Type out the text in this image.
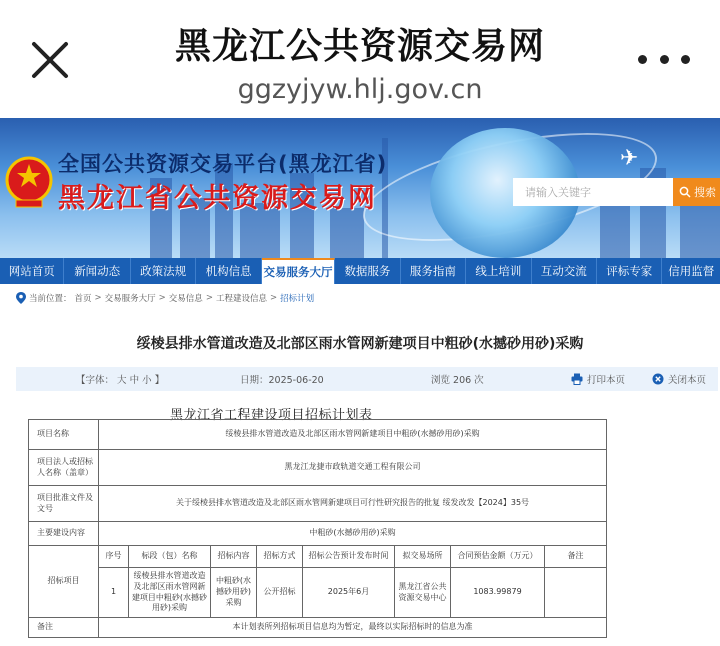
黑龙江公共资源交易网
ggzyjyw.hlj.gov.cn
✈
全国公共资源交易平台(黑龙江省)
黑龙江省公共资源交易网
请输入关键字	搜索
网站首页	新闻动态	政策法规	机构信息	交易服务大厅	数据服务	服务指南	线上培训	互动交流	评标专家	信用监督
当前位置： 首页 > 交易服务大厅 > 交易信息 > 工程建设信息 > 招标计划
绥棱县排水管道改造及北部区雨水管网新建项目中粗砂(水撼砂用砂)采购
【字体： 大 中 小 】	日期：2025-06-20	浏览 206 次	打印本页	关闭本页
黑龙江省工程建设项目招标计划表
项目名称	绥棱县排水管道改造及北部区雨水管网新建项目中粗砂(水撼砂用砂)采购							
项目法人或招标人名称（盖章）	黑龙江龙捷市政轨道交通工程有限公司							
项目批准文件及文号	关于绥棱县排水管道改造及北部区雨水管网新建项目可行性研究报告的批复 绥发改发【2024】35号							
主要建设内容	中粗砂(水撼砂用砂)采购							
招标项目	序号	标段（包）名称	招标内容	招标方式	招标公告预计发布时间	拟交易场所	合同预估金额（万元）	备注
	1	绥棱县排水管道改造及北部区雨水管网新建项目中粗砂(水撼砂用砂)采购	中粗砂(水撼砂用砂)采购	公开招标	2025年6月	黑龙江省公共资源交易中心	1083.99879	
备注	本计划表所列招标项目信息均为暂定，最终以实际招标时的信息为准							
